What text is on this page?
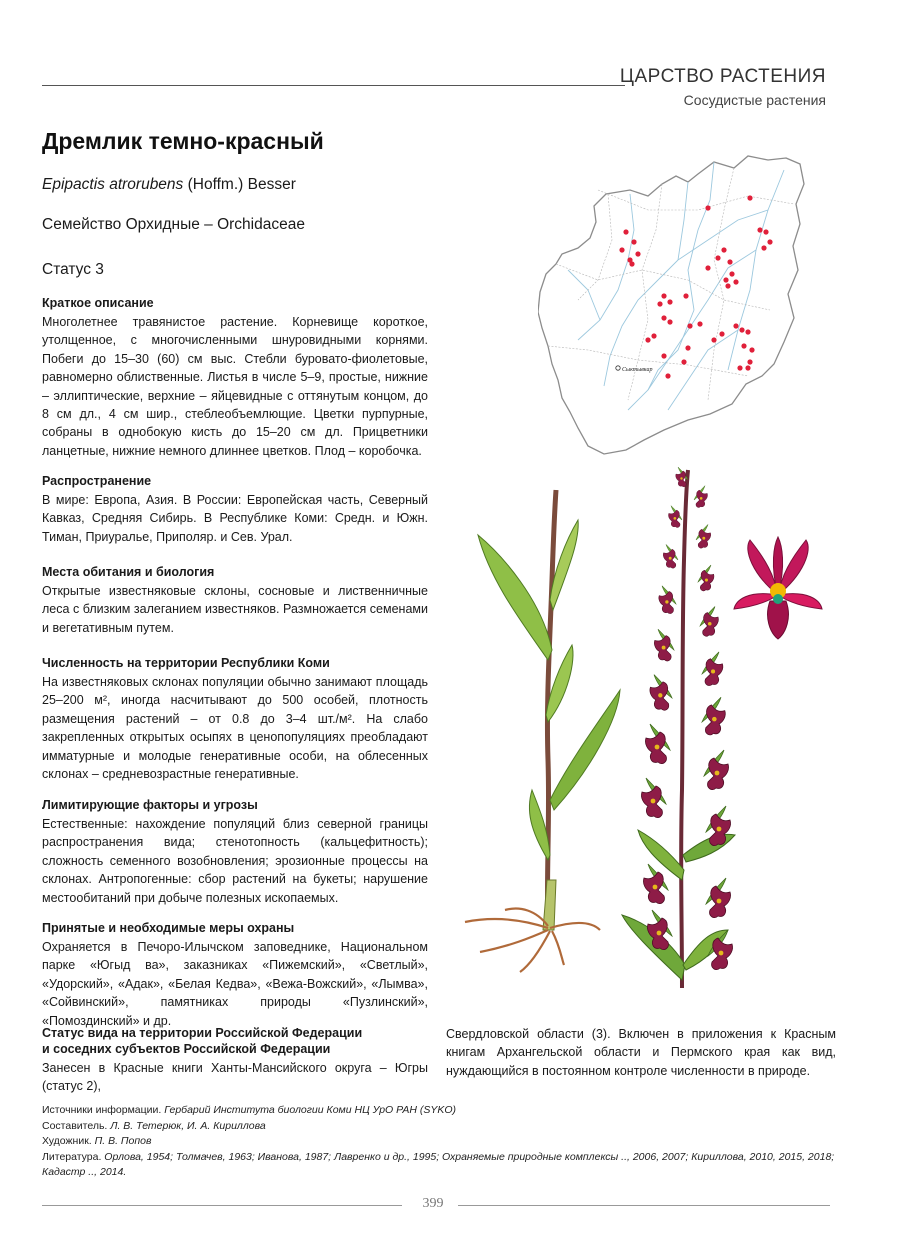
ЦАРСТВО РАСТЕНИЯ
Сосудистые растения
Дремлик темно-красный
Epipactis atrorubens (Hoffm.) Besser
Семейство Орхидные – Orchidaceae
Статус 3
Краткое описание

Многолетнее травянистое растение. Корневище короткое, утолщенное, с многочисленными шнуровидными корнями. Побеги до 15–30 (60) см выс. Стебли буровато-фиолетовые, равномерно облиственные. Листья в числе 5–9, простые, нижние – эллиптические, верхние – яйцевидные с оттянутым концом, до 8 см дл., 4 см шир., стеблеобъемлющие. Цветки пурпурные, собраны в однобокую кисть до 15–20 см дл. Прицветники ланцетные, нижние немного длиннее цветков. Плод – коробочка.

Распространение

В мире: Европа, Азия. В России: Европейская часть, Северный Кавказ, Средняя Сибирь. В Республике Коми: Средн. и Южн. Тиман, Приуралье, Приполяр. и Сев. Урал.

Места обитания и биология

Открытые известняковые склоны, сосновые и лиственничные леса с близким залеганием известняков. Размножается семенами и вегетативным путем.

Численность на территории Республики Коми

На известняковых склонах популяции обычно занимают площадь 25–200 м², иногда насчитывают до 500 особей, плотность размещения растений – от 0.8 до 3–4 шт./м². На слабо закрепленных открытых осыпях в ценопопуляциях преобладают имматурные и молодые генеративные особи, на облесенных склонах – средневозрастные генеративные.

Лимитирующие факторы и угрозы

Естественные: нахождение популяций близ северной границы распространения вида; стенотопность (кальцефитность); сложность семенного возобновления; эрозионные процессы на склонах. Антропогенные: сбор растений на букеты; нарушение местообитаний при добыче полезных ископаемых.

Принятые и необходимые меры охраны

Охраняется в Печоро-Илычском заповеднике, Национальном парке «Югыд ва», заказниках «Пижемский», «Светлый», «Удорский», «Адак», «Белая Кедва», «Вежа-Вожский», «Лымва», «Сойвинский», памятниках природы «Пузлинский», «Помоздинский» и др.

Статус вида на территории Российской Федерации
и соседних субъектов Российской Федерации

Занесен в Красные книги Ханты-Мансийского округа – Югры (статус 2),

Свердловской области (3). Включен в приложения к Красным книгам Архангельской области и Пермского края как вид, нуждающийся в постоянном контроле численности в природе.
Сыктывкар
Источники информации. Гербарий Института биологии Коми НЦ УрО РАН (SYKO)
Составитель. Л. В. Тетерюк, И. А. Кириллова
Художник. П. В. Попов
Литература. Орлова, 1954; Толмачев, 1963; Иванова, 1987; Лавренко и др., 1995; Охраняемые природные комплексы .., 2006, 2007; Кириллова, 2010, 2015, 2018; Кадастр .., 2014.
399
